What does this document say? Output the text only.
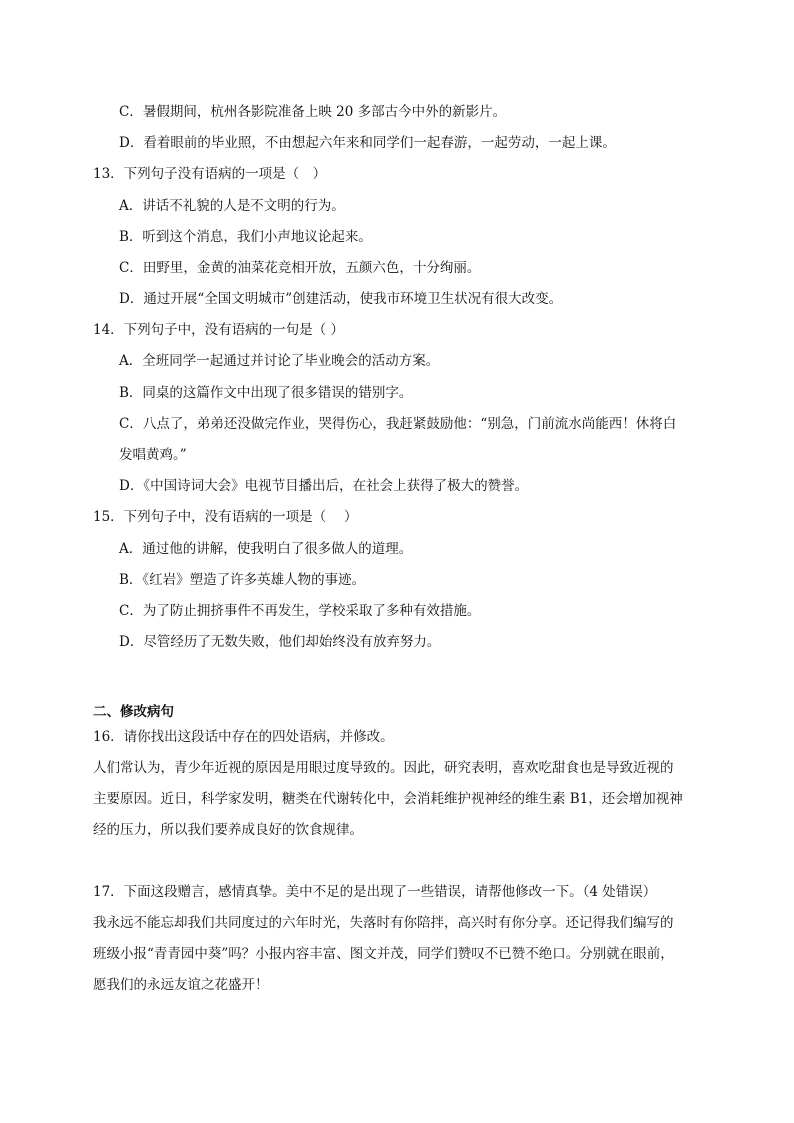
C．暑假期间，杭州各影院准备上映 20 多部古今中外的新影片。
D．看着眼前的毕业照，不由想起六年来和同学们一起春游，一起劳动，一起上课。
13．下列句子没有语病的一项是（　）
A．讲话不礼貌的人是不文明的行为。
B．听到这个消息，我们小声地议论起来。
C．田野里，金黄的油菜花竞相开放，五颜六色，十分绚丽。
D．通过开展“全国文明城市”创建活动，使我市环境卫生状况有很大改变。
14．下列句子中，没有语病的一句是（ ）
A．全班同学一起通过并讨论了毕业晚会的活动方案。
B．同桌的这篇作文中出现了很多错误的错别字。
C．八点了，弟弟还没做完作业，哭得伤心，我赶紧鼓励他：“别急，门前流水尚能西！休将白
发唱黄鸡。”
D．《中国诗词大会》电视节目播出后，在社会上获得了极大的赞誉。
15．下列句子中，没有语病的一项是（　 ）
A．通过他的讲解，使我明白了很多做人的道理。
B．《红岩》塑造了许多英雄人物的事迹。
C．为了防止拥挤事件不再发生，学校采取了多种有效措施。
D．尽管经历了无数失败，他们却始终没有放弃努力。
二、修改病句
16．请你找出这段话中存在的四处语病，并修改。
人们常认为，青少年近视的原因是用眼过度导致的。因此，研究表明，喜欢吃甜食也是导致近视的
主要原因。近日，科学家发明，糖类在代谢转化中，会消耗维护视神经的维生素 B1，还会增加视神
经的压力，所以我们要养成良好的饮食规律。
17．下面这段赠言，感情真挚。美中不足的是出现了一些错误，请帮他修改一下。（4 处错误）
我永远不能忘却我们共同度过的六年时光，失落时有你陪拌，高兴时有你分享。还记得我们编写的
班级小报“青青园中葵”吗？小报内容丰富、图文并茂，同学们赞叹不已赞不绝口。分别就在眼前，
愿我们的永远友谊之花盛开！
